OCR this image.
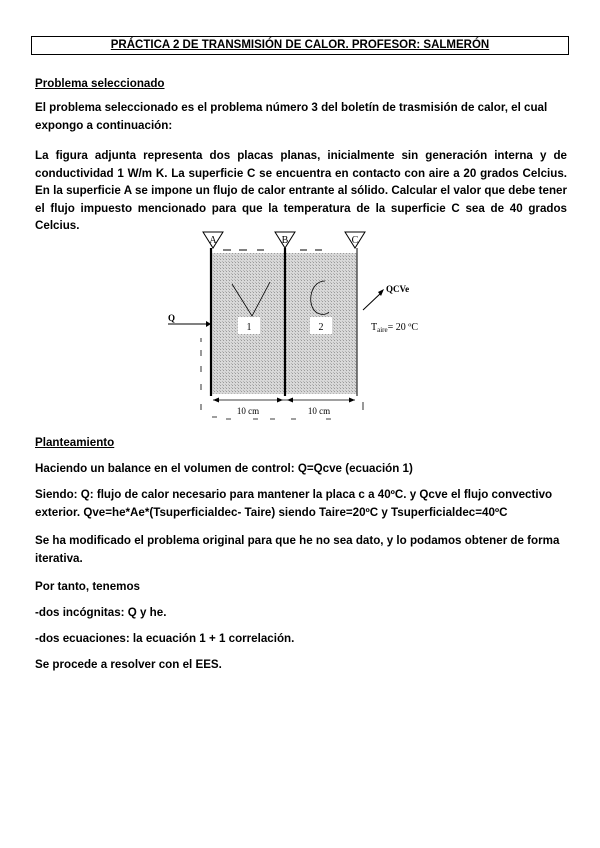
PRÁCTICA 2 DE TRANSMISIÓN DE CALOR. PROFESOR: SALMERÓN

Problema seleccionado

El problema seleccionado es el problema número 3 del boletín de trasmisión de calor, el cual expongo a continuación:

La figura adjunta representa dos placas planas, inicialmente sin generación interna y de conductividad 1 W/m K. La superficie C se encuentra en contacto con aire a 20 grados Celcius. En la superficie A se impone un flujo de calor entrante al sólido. Calcular el valor que debe tener el flujo impuesto mencionado para que la temperatura de la superficie C sea de 40 grados Celcius.

A	B	C
1	2
Q
QCVe
$T_{aire}= 20$ ºC
10 cm	10 cm

Planteamiento

Haciendo un balance en el volumen de control: Q=Qcve (ecuación 1)

Siendo: Q: flujo de calor necesario para mantener la placa c a 40ºC. y Qcve el flujo convectivo exterior. Qve=he*Ae*(Tsuperficialdec- Taire) siendo Taire=20ºC y Tsuperficialdec=40ºC

Se ha modificado el problema original para que he no sea dato, y lo podamos obtener de forma iterativa.

Por tanto, tenemos

-dos incógnitas: Q y he.

-dos ecuaciones: la ecuación 1 + 1 correlación.

Se procede a resolver con el EES.
